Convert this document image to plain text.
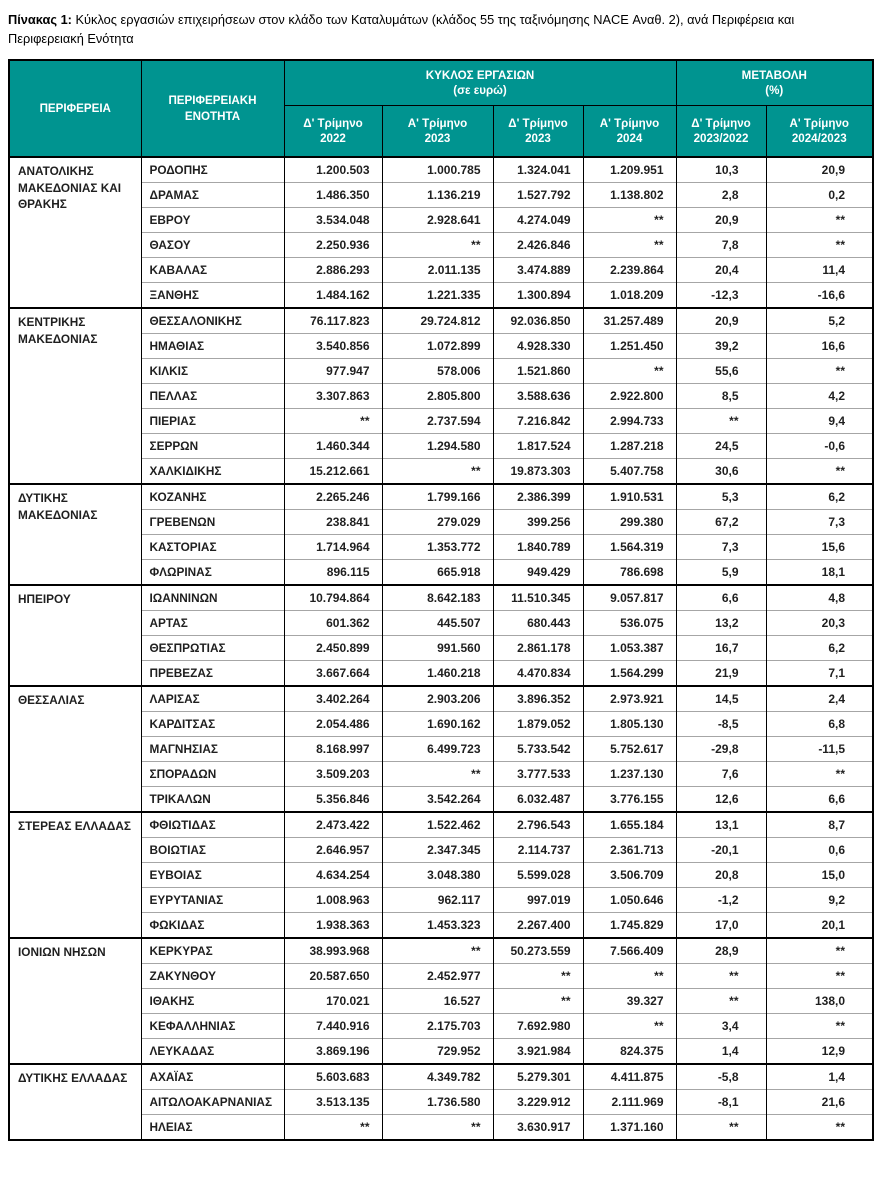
Πίνακας 1: Κύκλος εργασιών επιχειρήσεων στον κλάδο των Καταλυμάτων (κλάδος 55 της ταξινόμησης NACE Αναθ. 2), ανά Περιφέρεια και Περιφερειακή Ενότητα

ΠΕΡΙΦΕΡΕΙΑ	
ΠΕΡΙΦΕΡΕΙΑΚΗ ΕΝΟΤΗΤΑ

ΚΥΚΛΟΣ ΕΡΓΑΣΙΩΝ
(σε ευρώ)

ΜΕΤΑΒΟΛΗ
(%)

Δ' Τρίμηνο
2022

Α' Τρίμηνο
2023

Δ' Τρίμηνο
2023

Α' Τρίμηνο
2024

Δ' Τρίμηνο
2023/2022

Α' Τρίμηνο
2024/2023

ΑΝΑΤΟΛΙΚΗΣ ΜΑΚΕΔΟΝΙΑΣ ΚΑΙ ΘΡΑΚΗΣ	ΡΟΔΟΠΗΣ	1.200.503	1.000.785	1.324.041	1.209.951	10,3	20,9
	ΔΡΑΜΑΣ	1.486.350	1.136.219	1.527.792	1.138.802	2,8	0,2
	ΕΒΡΟΥ	3.534.048	2.928.641	4.274.049	**	20,9	**
	ΘΑΣΟΥ	2.250.936	**	2.426.846	**	7,8	**
	ΚΑΒΑΛΑΣ	2.886.293	2.011.135	3.474.889	2.239.864	20,4	11,4
	ΞΑΝΘΗΣ	1.484.162	1.221.335	1.300.894	1.018.209	-12,3	-16,6
ΚΕΝΤΡΙΚΗΣ ΜΑΚΕΔΟΝΙΑΣ	ΘΕΣΣΑΛΟΝΙΚΗΣ	76.117.823	29.724.812	92.036.850	31.257.489	20,9	5,2
	ΗΜΑΘΙΑΣ	3.540.856	1.072.899	4.928.330	1.251.450	39,2	16,6
	ΚΙΛΚΙΣ	977.947	578.006	1.521.860	**	55,6	**
	ΠΕΛΛΑΣ	3.307.863	2.805.800	3.588.636	2.922.800	8,5	4,2
	ΠΙΕΡΙΑΣ	**	2.737.594	7.216.842	2.994.733	**	9,4
	ΣΕΡΡΩΝ	1.460.344	1.294.580	1.817.524	1.287.218	24,5	-0,6
	ΧΑΛΚΙΔΙΚΗΣ	15.212.661	**	19.873.303	5.407.758	30,6	**
ΔΥΤΙΚΗΣ ΜΑΚΕΔΟΝΙΑΣ	ΚΟΖΑΝΗΣ	2.265.246	1.799.166	2.386.399	1.910.531	5,3	6,2
	ΓΡΕΒΕΝΩΝ	238.841	279.029	399.256	299.380	67,2	7,3
	ΚΑΣΤΟΡΙΑΣ	1.714.964	1.353.772	1.840.789	1.564.319	7,3	15,6
	ΦΛΩΡΙΝΑΣ	896.115	665.918	949.429	786.698	5,9	18,1
ΗΠΕΙΡΟΥ	ΙΩΑΝΝΙΝΩΝ	10.794.864	8.642.183	11.510.345	9.057.817	6,6	4,8
	ΑΡΤΑΣ	601.362	445.507	680.443	536.075	13,2	20,3
	ΘΕΣΠΡΩΤΙΑΣ	2.450.899	991.560	2.861.178	1.053.387	16,7	6,2
	ΠΡΕΒΕΖΑΣ	3.667.664	1.460.218	4.470.834	1.564.299	21,9	7,1
ΘΕΣΣΑΛΙΑΣ	ΛΑΡΙΣΑΣ	3.402.264	2.903.206	3.896.352	2.973.921	14,5	2,4
	ΚΑΡΔΙΤΣΑΣ	2.054.486	1.690.162	1.879.052	1.805.130	-8,5	6,8
	ΜΑΓΝΗΣΙΑΣ	8.168.997	6.499.723	5.733.542	5.752.617	-29,8	-11,5
	ΣΠΟΡΑΔΩΝ	3.509.203	**	3.777.533	1.237.130	7,6	**
	ΤΡΙΚΑΛΩΝ	5.356.846	3.542.264	6.032.487	3.776.155	12,6	6,6
ΣΤΕΡΕΑΣ ΕΛΛΑΔΑΣ	ΦΘΙΩΤΙΔΑΣ	2.473.422	1.522.462	2.796.543	1.655.184	13,1	8,7
	ΒΟΙΩΤΙΑΣ	2.646.957	2.347.345	2.114.737	2.361.713	-20,1	0,6
	ΕΥΒΟΙΑΣ	4.634.254	3.048.380	5.599.028	3.506.709	20,8	15,0
	ΕΥΡΥΤΑΝΙΑΣ	1.008.963	962.117	997.019	1.050.646	-1,2	9,2
	ΦΩΚΙΔΑΣ	1.938.363	1.453.323	2.267.400	1.745.829	17,0	20,1
ΙΟΝΙΩΝ ΝΗΣΩΝ	ΚΕΡΚΥΡΑΣ	38.993.968	**	50.273.559	7.566.409	28,9	**
	ΖΑΚΥΝΘΟΥ	20.587.650	2.452.977	**	**	**	**
	ΙΘΑΚΗΣ	170.021	16.527	**	39.327	**	138,0
	ΚΕΦΑΛΛΗΝΙΑΣ	7.440.916	2.175.703	7.692.980	**	3,4	**
	ΛΕΥΚΑΔΑΣ	3.869.196	729.952	3.921.984	824.375	1,4	12,9
ΔΥΤΙΚΗΣ ΕΛΛΑΔΑΣ	ΑΧΑΪΑΣ	5.603.683	4.349.782	5.279.301	4.411.875	-5,8	1,4
	ΑΙΤΩΛΟΑΚΑΡΝΑΝΙΑΣ	3.513.135	1.736.580	3.229.912	2.111.969	-8,1	21,6
	ΗΛΕΙΑΣ	**	**	3.630.917	1.371.160	**	**
